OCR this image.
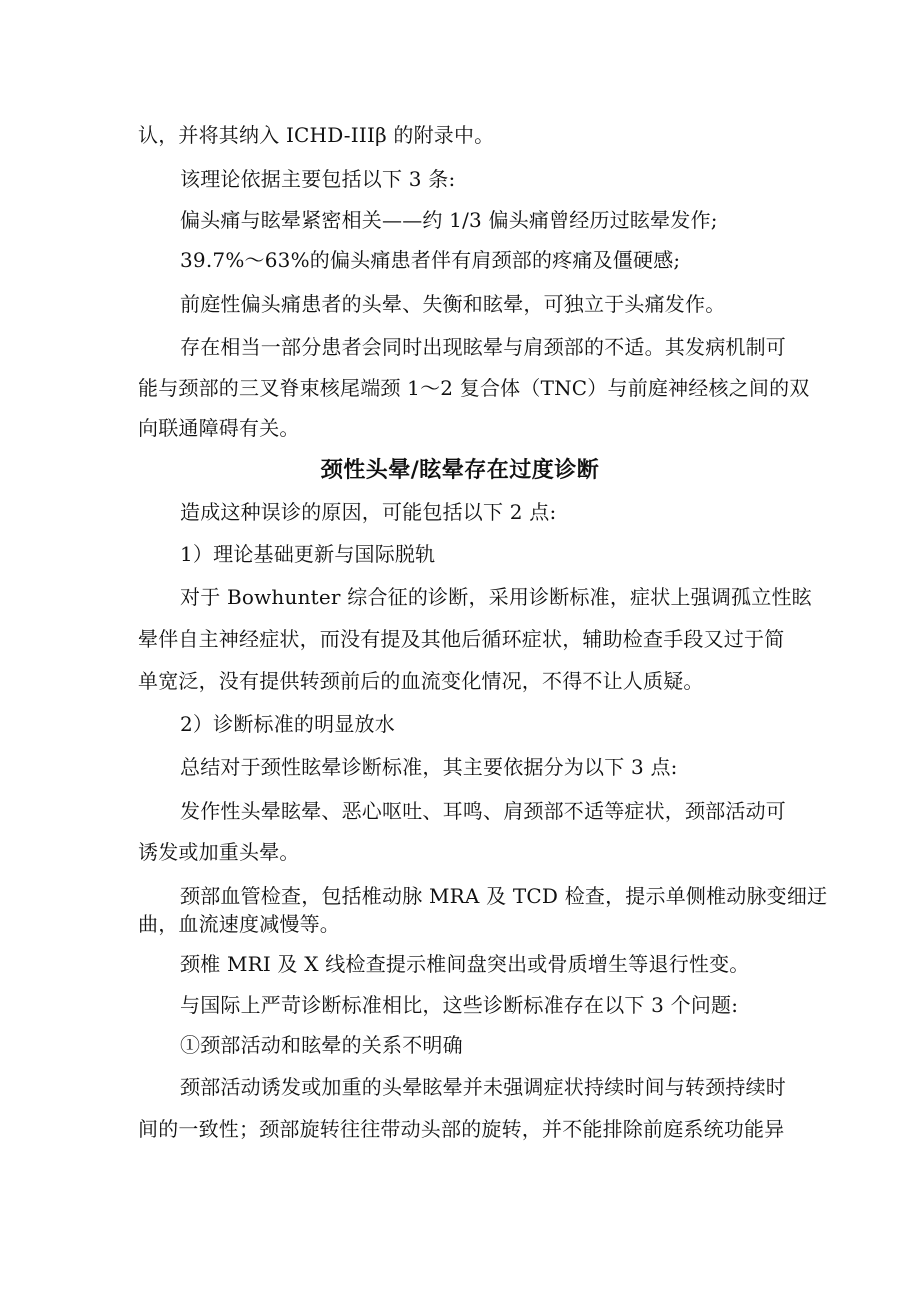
认，并将其纳入 ICHD-IIIβ 的附录中。
该理论依据主要包括以下 3 条:
偏头痛与眩晕紧密相关——约 1/3 偏头痛曾经历过眩晕发作;
39.7%～63%的偏头痛患者伴有肩颈部的疼痛及僵硬感;
前庭性偏头痛患者的头晕、失衡和眩晕，可独立于头痛发作。
存在相当一部分患者会同时出现眩晕与肩颈部的不适。其发病机制可
能与颈部的三叉脊束核尾端颈 1～2 复合体（TNC）与前庭神经核之间的双
向联通障碍有关。
颈性头晕/眩晕存在过度诊断
造成这种误诊的原因，可能包括以下 2 点:
1）理论基础更新与国际脱轨
对于 Bowhunter 综合征的诊断，采用诊断标准，症状上强调孤立性眩
晕伴自主神经症状，而没有提及其他后循环症状，辅助检查手段又过于简
单宽泛，没有提供转颈前后的血流变化情况，不得不让人质疑。
2）诊断标准的明显放水
总结对于颈性眩晕诊断标准，其主要依据分为以下 3 点:
发作性头晕眩晕、恶心呕吐、耳鸣、肩颈部不适等症状，颈部活动可
诱发或加重头晕。
颈部血管检查，包括椎动脉 MRA 及 TCD 检查，提示单侧椎动脉变细迂
曲，血流速度减慢等。
颈椎 MRI 及 X 线检查提示椎间盘突出或骨质增生等退行性变。
与国际上严苛诊断标准相比，这些诊断标准存在以下 3 个问题:
①颈部活动和眩晕的关系不明确
颈部活动诱发或加重的头晕眩晕并未强调症状持续时间与转颈持续时
间的一致性；颈部旋转往往带动头部的旋转，并不能排除前庭系统功能异
